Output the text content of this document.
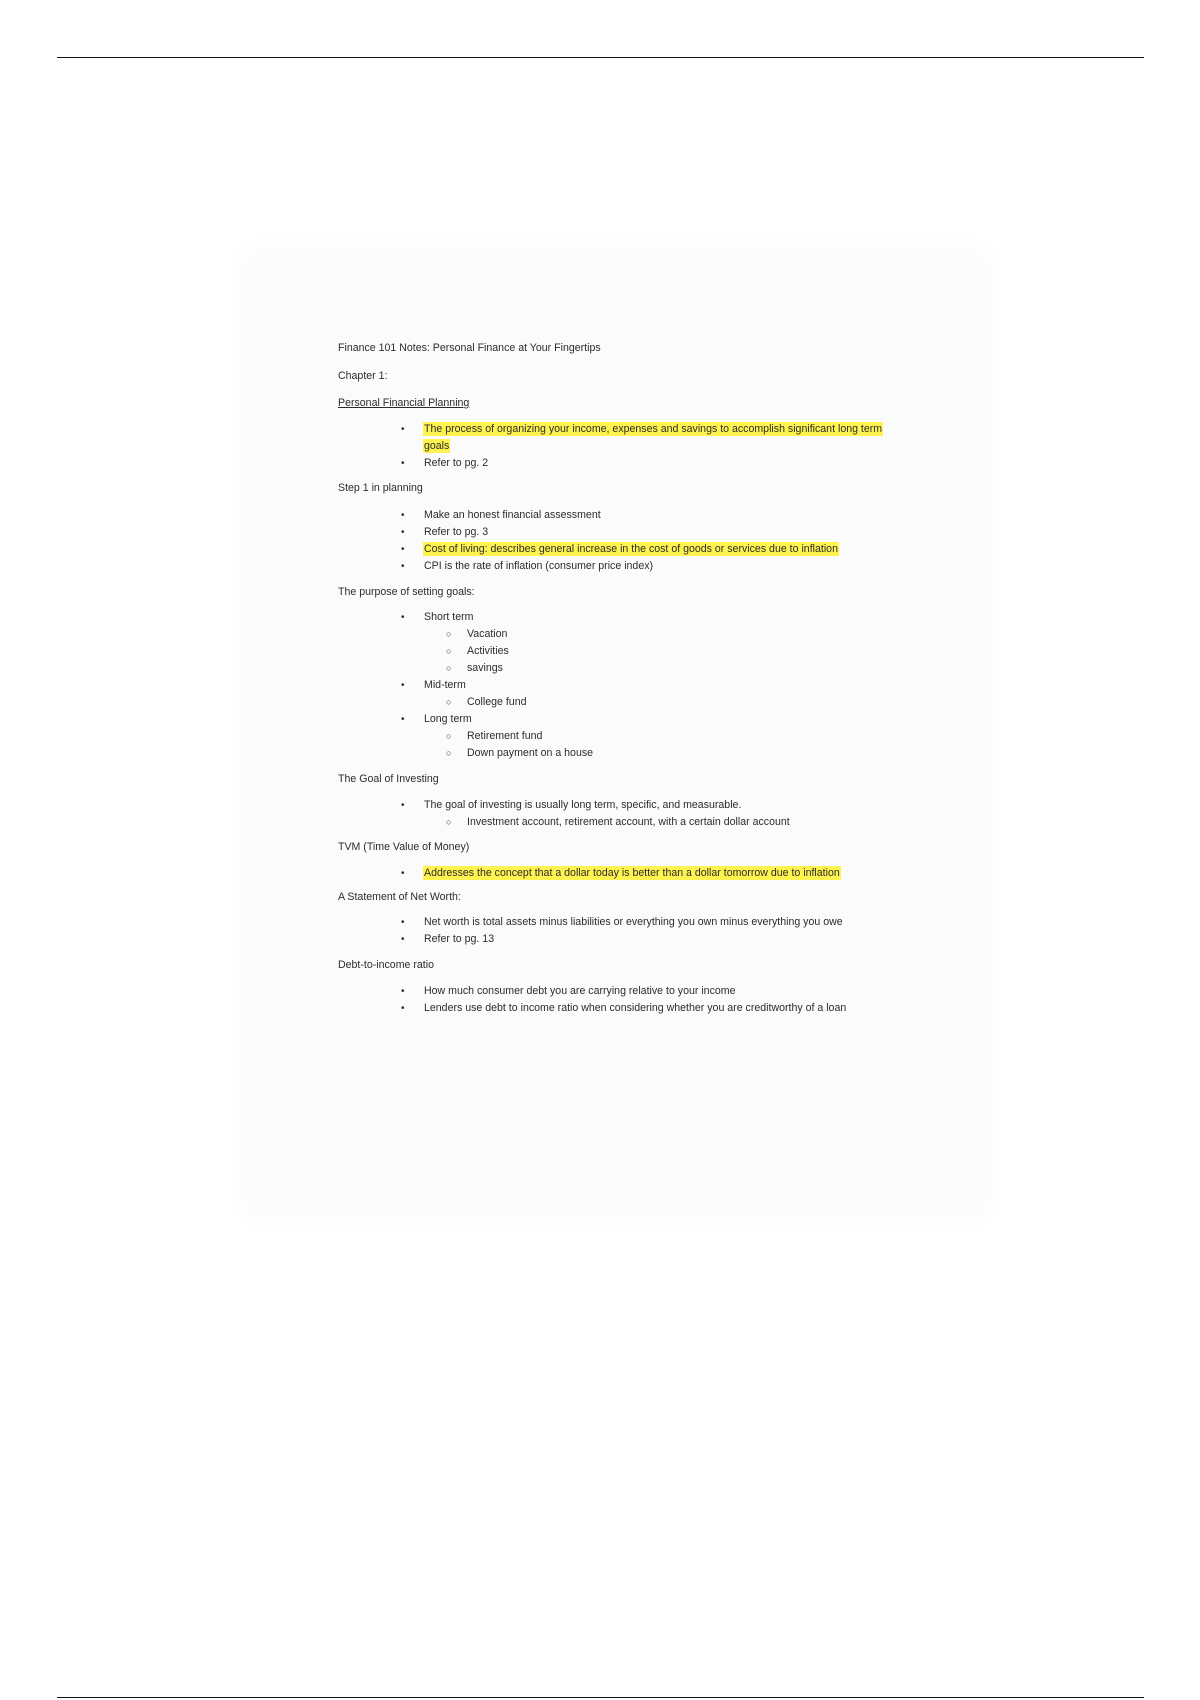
Finance 101 Notes: Personal Finance at Your Fingertips
Chapter 1:
Personal Financial Planning
•	The process of organizing your income, expenses and savings to accomplish significant long term goals
•	Refer to pg. 2
Step 1 in planning
•	Make an honest financial assessment
•	Refer to pg. 3
•	Cost of living: describes general increase in the cost of goods or services due to inflation
•	CPI is the rate of inflation (consumer price index)
The purpose of setting goals:
•	Short term
○ Vacation
○ Activities
○ savings
•	Mid-term
○ College fund
•	Long term
○ Retirement fund
○ Down payment on a house
The Goal of Investing
•	The goal of investing is usually long term, specific, and measurable.
○ Investment account, retirement account, with a certain dollar account
TVM (Time Value of Money)
•	Addresses the concept that a dollar today is better than a dollar tomorrow due to inflation
A Statement of Net Worth:
•	Net worth is total assets minus liabilities or everything you own minus everything you owe
•	Refer to pg. 13
Debt-to-income ratio
•	How much consumer debt you are carrying relative to your income
•	Lenders use debt to income ratio when considering whether you are creditworthy of a loan
